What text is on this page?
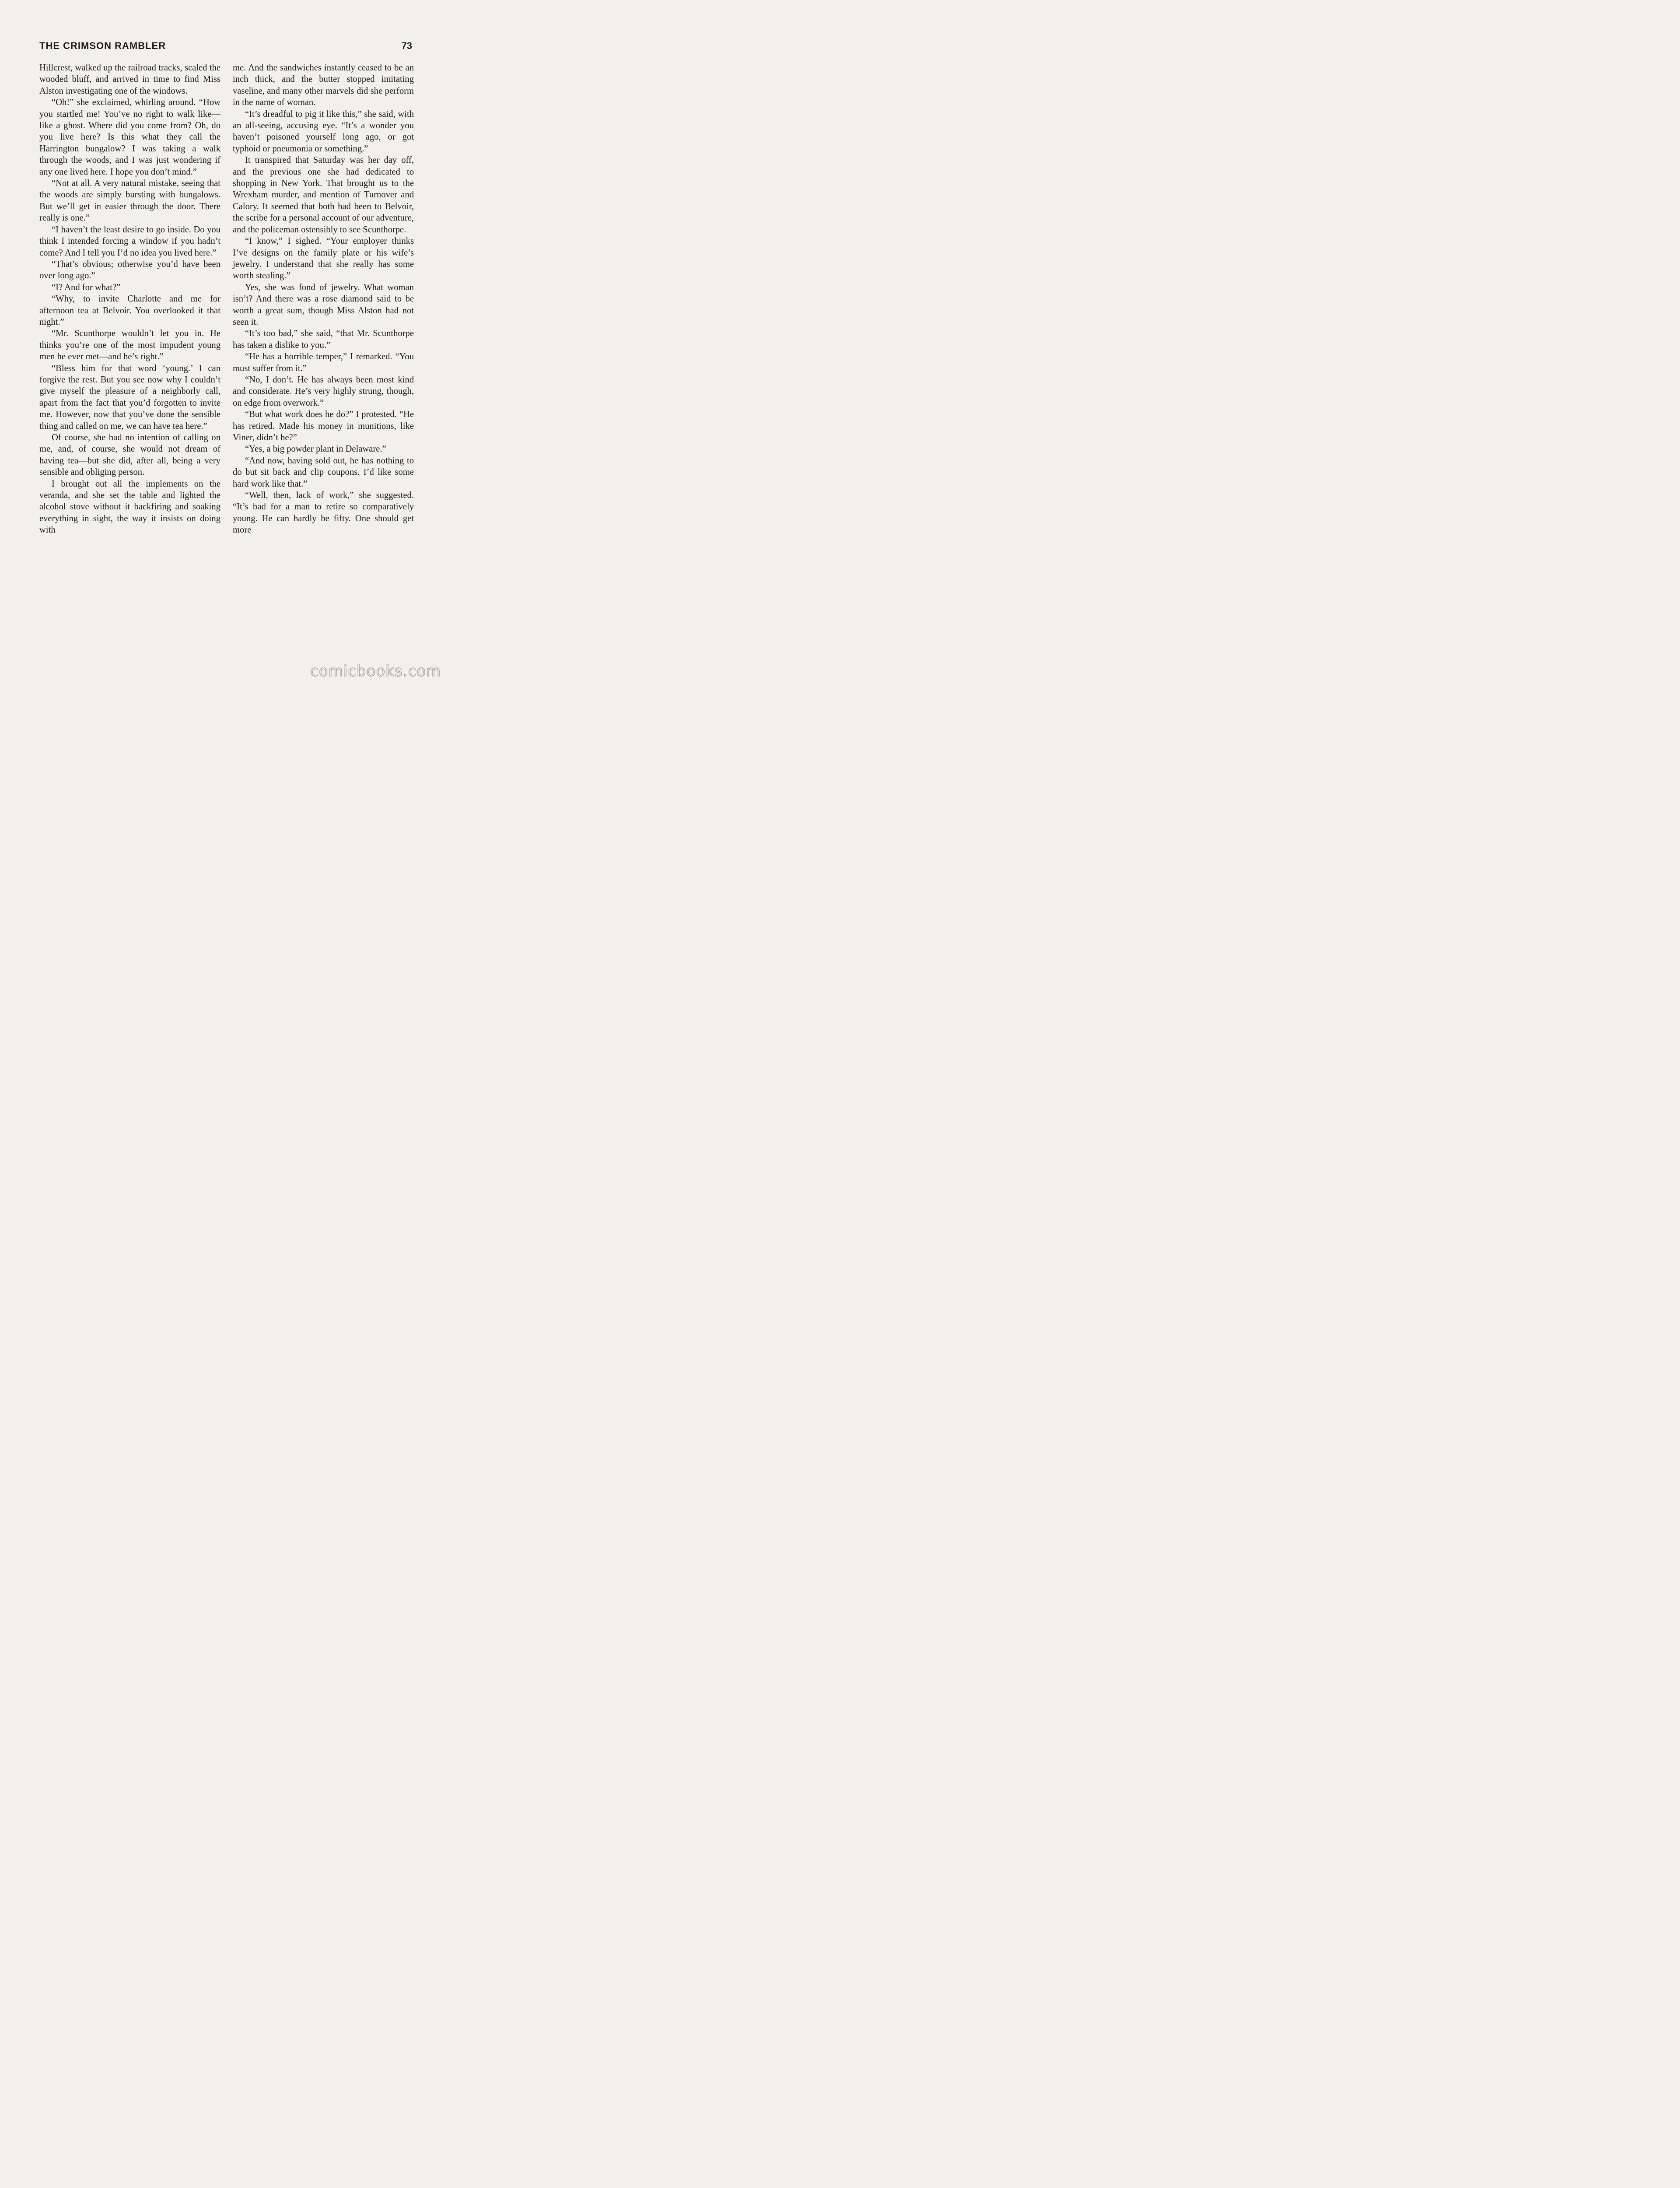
THE CRIMSON RAMBLER	73

Hillcrest, walked up the railroad tracks, scaled the wooded bluff, and arrived in time to find Miss Alston investigating one of the windows.

“Oh!” she exclaimed, whirling around. “How you startled me! You’ve no right to walk like—like a ghost. Where did you come from? Oh, do you live here? Is this what they call the Harrington bungalow? I was taking a walk through the woods, and I was just wondering if any one lived here. I hope you don’t mind.”

“Not at all. A very natural mistake, seeing that the woods are simply bursting with bungalows. But we’ll get in easier through the door. There really is one.”

“I haven’t the least desire to go inside. Do you think I intended forcing a window if you hadn’t come? And I tell you I’d no idea you lived here.”

“That’s obvious; otherwise you’d have been over long ago.”

“I? And for what?”

“Why, to invite Charlotte and me for afternoon tea at Belvoir. You overlooked it that night.”

“Mr. Scunthorpe wouldn’t let you in. He thinks you’re one of the most impudent young men he ever met—and he’s right.”

“Bless him for that word ‘young.’ I can forgive the rest. But you see now why I couldn’t give myself the pleasure of a neighborly call, apart from the fact that you’d forgotten to invite me. However, now that you’ve done the sensible thing and called on me, we can have tea here.”

Of course, she had no intention of calling on me, and, of course, she would not dream of having tea—but she did, after all, being a very sensible and obliging person.

I brought out all the implements on the veranda, and she set the table and lighted the alcohol stove without it backfiring and soaking everything in sight, the way it insists on doing with

me. And the sandwiches instantly ceased to be an inch thick, and the butter stopped imitating vaseline, and many other marvels did she perform in the name of woman.

“It’s dreadful to pig it like this,” she said, with an all-seeing, accusing eye. “It’s a wonder you haven’t poisoned yourself long ago, or got typhoid or pneumonia or something.”

It transpired that Saturday was her day off, and the previous one she had dedicated to shopping in New York. That brought us to the Wrexham murder, and mention of Turnover and Calory. It seemed that both had been to Belvoir, the scribe for a personal account of our adventure, and the policeman ostensibly to see Scunthorpe.

“I know,” I sighed. “Your employer thinks I’ve designs on the family plate or his wife’s jewelry. I understand that she really has some worth stealing.”

Yes, she was fond of jewelry. What woman isn’t? And there was a rose diamond said to be worth a great sum, though Miss Alston had not seen it.

“It’s too bad,” she said, “that Mr. Scunthorpe has taken a dislike to you.”

“He has a horrible temper,” I remarked. “You must suffer from it.”

“No, I don’t. He has always been most kind and considerate. He’s very highly strung, though, on edge from overwork.”

“But what work does he do?” I protested. “He has retired. Made his money in munitions, like Viner, didn’t he?”

“Yes, a big powder plant in Delaware.”

“And now, having sold out, he has nothing to do but sit back and clip coupons. I’d like some hard work like that.”

“Well, then, lack of work,” she suggested. “It’s bad for a man to retire so comparatively young. He can hardly be fifty. One should get more

comicbooks.com
